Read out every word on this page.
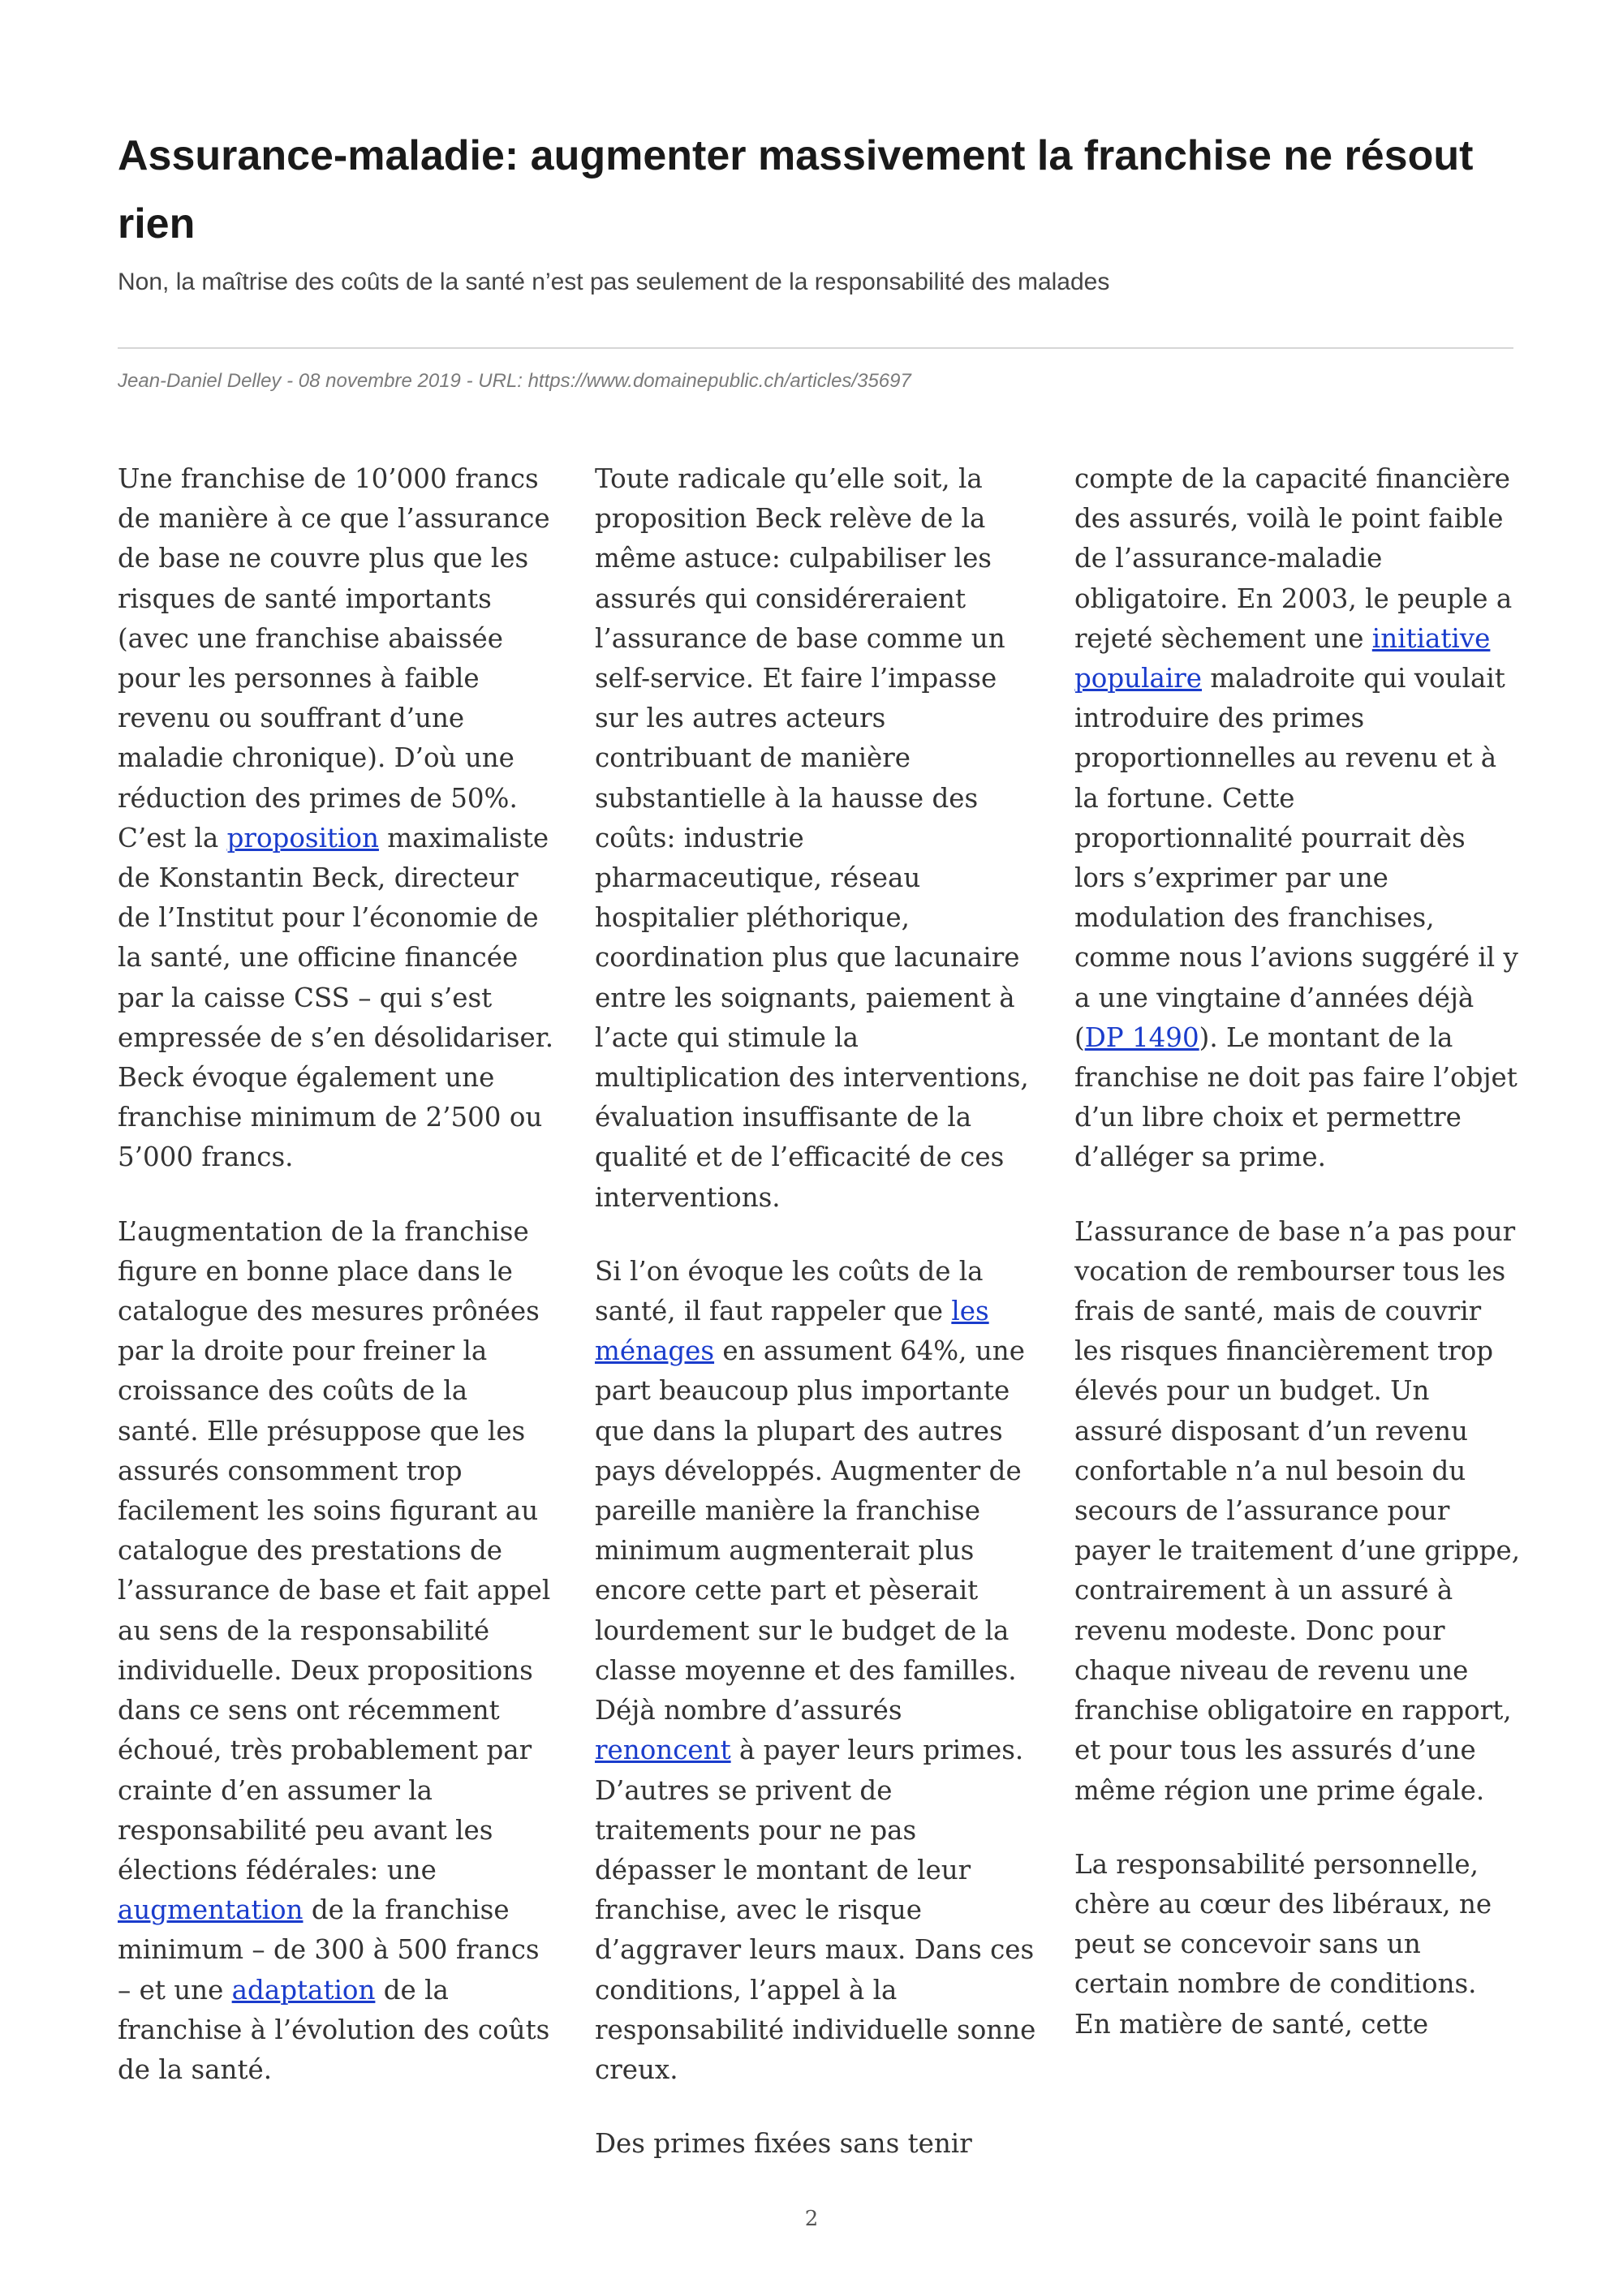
Assurance-maladie: augmenter massivement la franchise ne résout rien
Non, la maîtrise des coûts de la santé n’est pas seulement de la responsabilité des malades
Jean-Daniel Delley - 08 novembre 2019 - URL: https://www.domainepublic.ch/articles/35697

Une franchise de 10’000 francs de manière à ce que l’assurance de base ne couvre plus que les risques de santé importants (avec une franchise abaissée pour les personnes à faible revenu ou souffrant d’une maladie chronique). D’où une réduction des primes de 50%. C’est la proposition maximaliste de Konstantin Beck, directeur de l’Institut pour l’économie de la santé, une officine financée par la caisse CSS – qui s’est empressée de s’en désolidariser. Beck évoque également une franchise minimum de 2’500 ou 5’000 francs.

L’augmentation de la franchise figure en bonne place dans le catalogue des mesures prônées par la droite pour freiner la croissance des coûts de la santé. Elle présuppose que les assurés consomment trop facilement les soins figurant au catalogue des prestations de l’assurance de base et fait appel au sens de la responsabilité individuelle. Deux propositions dans ce sens ont récemment échoué, très probablement par crainte d’en assumer la responsabilité peu avant les élections fédérales: une augmentation de la franchise minimum – de 300 à 500 francs – et une adaptation de la franchise à l’évolution des coûts de la santé.

Toute radicale qu’elle soit, la proposition Beck relève de la même astuce: culpabiliser les assurés qui considéreraient l’assurance de base comme un self-service. Et faire l’impasse sur les autres acteurs contribuant de manière substantielle à la hausse des coûts: industrie pharmaceutique, réseau hospitalier pléthorique, coordination plus que lacunaire entre les soignants, paiement à l’acte qui stimule la multiplication des interventions, évaluation insuffisante de la qualité et de l’efficacité de ces interventions.

Si l’on évoque les coûts de la santé, il faut rappeler que les ménages en assument 64%, une part beaucoup plus importante que dans la plupart des autres pays développés. Augmenter de pareille manière la franchise minimum augmenterait plus encore cette part et pèserait lourdement sur le budget de la classe moyenne et des familles. Déjà nombre d’assurés renoncent à payer leurs primes. D’autres se privent de traitements pour ne pas dépasser le montant de leur franchise, avec le risque d’aggraver leurs maux. Dans ces conditions, l’appel à la responsabilité individuelle sonne creux.

Des primes fixées sans tenir

compte de la capacité financière des assurés, voilà le point faible de l’assurance-maladie obligatoire. En 2003, le peuple a rejeté sèchement une initiative populaire maladroite qui voulait introduire des primes proportionnelles au revenu et à la fortune. Cette proportionnalité pourrait dès lors s’exprimer par une modulation des franchises, comme nous l’avions suggéré il y a une vingtaine d’années déjà (DP 1490). Le montant de la franchise ne doit pas faire l’objet d’un libre choix et permettre d’alléger sa prime.

L’assurance de base n’a pas pour vocation de rembourser tous les frais de santé, mais de couvrir les risques financièrement trop élevés pour un budget. Un assuré disposant d’un revenu confortable n’a nul besoin du secours de l’assurance pour payer le traitement d’une grippe, contrairement à un assuré à revenu modeste. Donc pour chaque niveau de revenu une franchise obligatoire en rapport, et pour tous les assurés d’une même région une prime égale.

La responsabilité personnelle, chère au cœur des libéraux, ne peut se concevoir sans un certain nombre de conditions. En matière de santé, cette

2
